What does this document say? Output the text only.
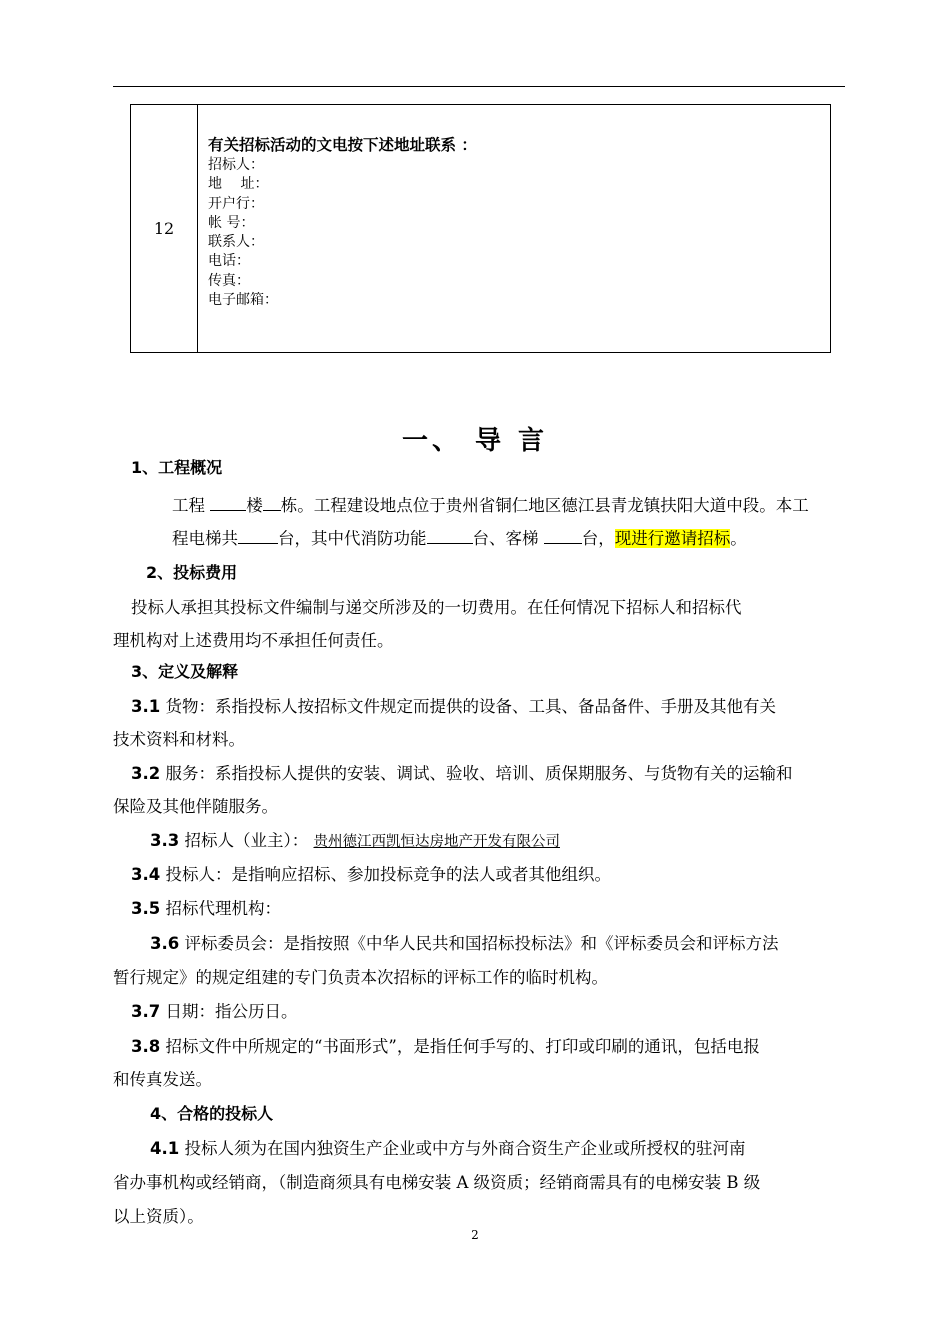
12
有关招标活动的文电按下述地址联系 ：
招标人：
地　 址：
开户行：
帐 号：
联系人：
电话：
传真：
电子邮箱：
一、 导 言
1、工程概况
工程 楼 栋。工程建设地点位于贵州省铜仁地区德江县青龙镇扶阳大道中段。本工
程电梯共 台，其中代消防功能	台、客梯 台，现进行邀请招标。
2、投标费用
投标人承担其投标文件编制与递交所涉及的一切费用。在任何情况下招标人和招标代
理机构对上述费用均不承担任何责任。
3、定义及解释
3.1 货物：系指投标人按招标文件规定而提供的设备、工具、备品备件、手册及其他有关
技术资料和材料。
3.2 服务：系指投标人提供的安装、调试、验收、培训、质保期服务、与货物有关的运输和
保险及其他伴随服务。
3.3 招标人（业主）： 贵州德江西凯恒达房地产开发有限公司
3.4 投标人：是指响应招标、参加投标竞争的法人或者其他组织。
3.5 招标代理机构：
3.6 评标委员会：是指按照《中华人民共和国招标投标法》和《评标委员会和评标方法
暂行规定》的规定组建的专门负责本次招标的评标工作的临时机构。
3.7 日期：指公历日。
3.8 招标文件中所规定的“书面形式”，是指任何手写的、打印或印刷的通讯，包括电报
和传真发送。
4、合格的投标人
4.1 投标人须为在国内独资生产企业或中方与外商合资生产企业或所授权的驻河南
省办事机构或经销商，（制造商须具有电梯安装 A 级资质；经销商需具有的电梯安装 B 级
以上资质）。
2
